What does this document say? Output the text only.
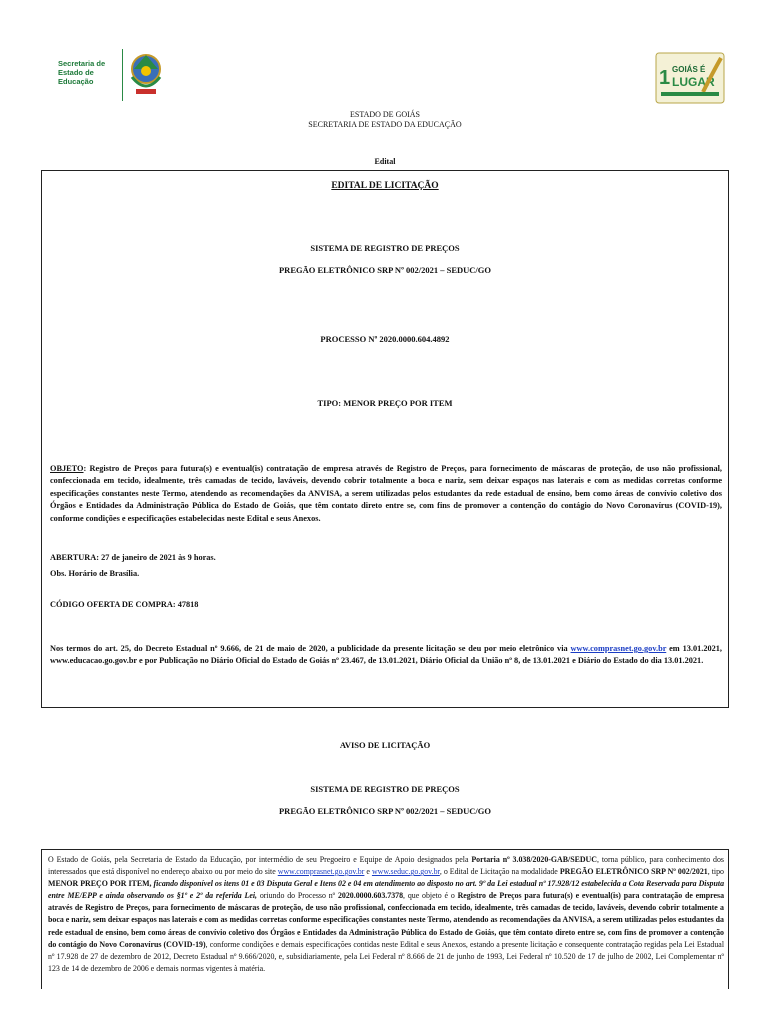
Secretaria de
Estado de
Educação	1 GOIÁS É
LUGAR
ESTADO DE GOIÁS
SECRETARIA DE ESTADO DA EDUCAÇÃO
Edital
EDITAL DE LICITAÇÃO
SISTEMA DE REGISTRO DE PREÇOS
PREGÃO ELETRÔNICO SRP Nº 002/2021 – SEDUC/GO
PROCESSO Nº 2020.0000.604.4892
TIPO: MENOR PREÇO POR ITEM
OBJETO: Registro de Preços para futura(s) e eventual(is) contratação de empresa através de Registro de Preços, para fornecimento de máscaras de proteção, de uso não profissional, confeccionada em tecido, idealmente, três camadas de tecido, laváveis, devendo cobrir totalmente a boca e nariz, sem deixar espaços nas laterais e com as medidas corretas conforme especificações constantes neste Termo, atendendo as recomendações da ANVISA, a serem utilizadas pelos estudantes da rede estadual de ensino, bem como áreas de convívio coletivo dos Órgãos e Entidades da Administração Pública do Estado de Goiás, que têm contato direto entre se, com fins de promover a contenção do contágio do Novo Coronavírus (COVID-19), conforme condições e especificações estabelecidas neste Edital e seus Anexos.
ABERTURA: 27 de janeiro de 2021 às 9 horas.
Obs. Horário de Brasília.
CÓDIGO OFERTA DE COMPRA: 47818
Nos termos do art. 25, do Decreto Estadual nº 9.666, de 21 de maio de 2020, a publicidade da presente licitação se deu por meio eletrônico via www.comprasnet.go.gov.br em 13.01.2021, www.educacao.go.gov.br e por Publicação no Diário Oficial do Estado de Goiás nº 23.467, de 13.01.2021, Diário Oficial da União nº 8, de 13.01.2021 e Diário do Estado do dia 13.01.2021.
AVISO DE LICITAÇÃO
SISTEMA DE REGISTRO DE PREÇOS
PREGÃO ELETRÔNICO SRP Nº 002/2021 – SEDUC/GO
O Estado de Goiás, pela Secretaria de Estado da Educação, por intermédio de seu Pregoeiro e Equipe de Apoio designados pela Portaria nº 3.038/2020-GAB/SEDUC, torna público, para conhecimento dos interessados que está disponível no endereço abaixo ou por meio do site www.comprasnet.go.gov.br e www.seduc.go.gov.br, o Edital de Licitação na modalidade PREGÃO ELETRÔNICO SRP Nº 002/2021, tipo MENOR PREÇO POR ITEM, ficando disponível os itens 01 e 03 Disputa Geral e Itens 02 e 04 em atendimento ao disposto no art. 9º da Lei estadual nº 17.928/12 estabelecida a Cota Reservada para Disputa entre ME/EPP e ainda observando os §1º e 2º da referida Lei, oriundo do Processo nº 2020.0000.603.7378, que objeto é o Registro de Preços para futura(s) e eventual(is) para contratação de empresa através de Registro de Preços, para fornecimento de máscaras de proteção, de uso não profissional, confeccionada em tecido, idealmente, três camadas de tecido, laváveis, devendo cobrir totalmente a boca e nariz, sem deixar espaços nas laterais e com as medidas corretas conforme especificações constantes neste Termo, atendendo as recomendações da ANVISA, a serem utilizadas pelos estudantes da rede estadual de ensino, bem como áreas de convívio coletivo dos Órgãos e Entidades da Administração Pública do Estado de Goiás, que têm contato direto entre se, com fins de promover a contenção do contágio do Novo Coronavírus (COVID-19), conforme condições e demais especificações contidas neste Edital e seus Anexos, estando a presente licitação e consequente contratação regidas pela Lei Estadual nº 17.928 de 27 de dezembro de 2012, Decreto Estadual nº 9.666/2020, e, subsidiariamente, pela Lei Federal nº 8.666 de 21 de junho de 1993, Lei Federal nº 10.520 de 17 de julho de 2002, Lei Complementar nº 123 de 14 de dezembro de 2006 e demais normas vigentes à matéria.
